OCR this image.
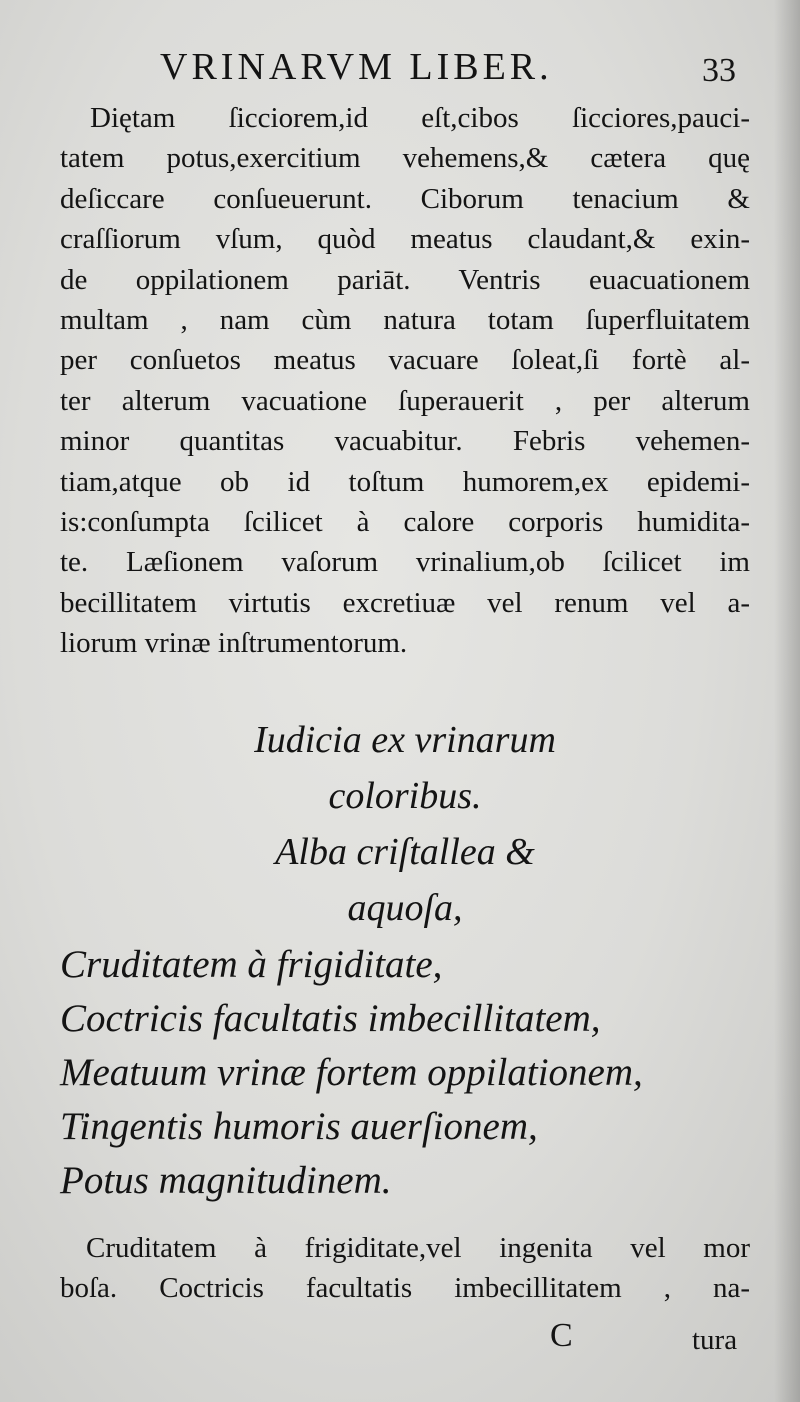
VRINARVM LIBER.	33
Diętam ſicciorem,id eſt,cibos ſicciores,pauci-
tatem potus,exercitium vehemens,& cætera quę
deſiccare conſueuerunt. Ciborum tenacium &
craſſiorum vſum, quòd meatus claudant,& exin-
de oppilationem pariāt. Ventris euacuationem
multam , nam cùm natura totam ſuperfluitatem
per conſuetos meatus vacuare ſoleat,ſi fortè al-
ter alterum vacuatione ſuperauerit , per alterum
minor quantitas vacuabitur. Febris vehemen-
tiam,atque ob id toſtum humorem,ex epidemi-
is:conſumpta ſcilicet à calore corporis humidita-
te. Læſionem vaſorum vrinalium,ob ſcilicet im
becillitatem virtutis excretiuæ vel renum vel a-
liorum vrinæ inſtrumentorum.
Iudicia ex vrinarum
coloribus.
Alba criſtallea &
aquoſa,
Cruditatem à frigiditate,
Coctricis facultatis imbecillitatem,
Meatuum vrinæ fortem oppilationem,
Tingentis humoris auerſionem,
Potus magnitudinem.
Cruditatem à frigiditate,vel ingenita vel mor
boſa. Coctricis facultatis imbecillitatem , na-
C	tura
